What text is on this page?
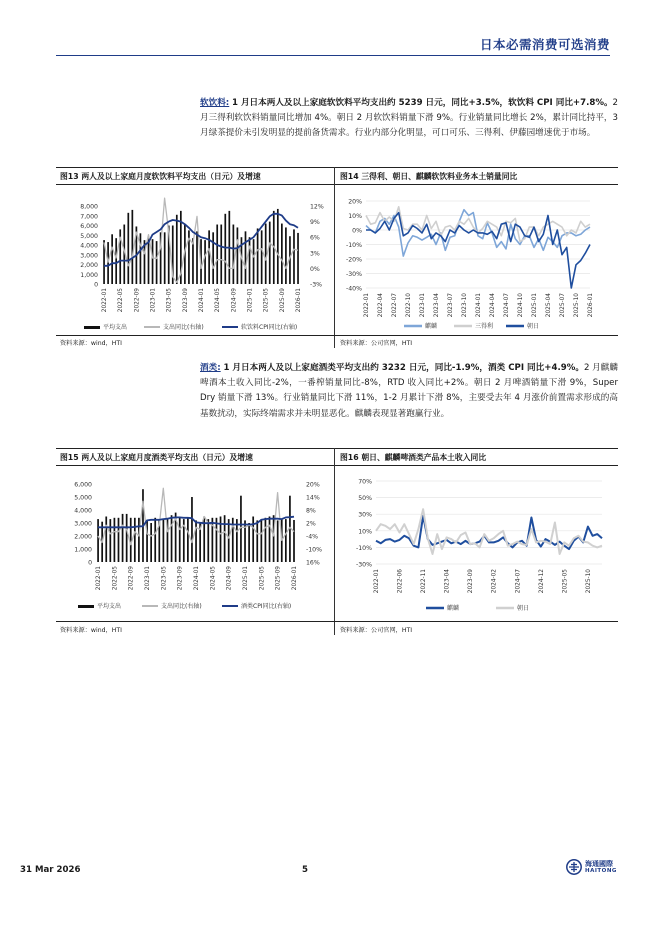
日本必需消费可选消费
软饮料: 1 月日本两人及以上家庭软饮料平均支出约 5239 日元，同比+3.5%，软饮料 CPI 同比+7.8%。2 月三得利软饮料销量同比增加 4%。朝日 2 月软饮料销量下滑 9%。行业销量同比增长 2%，累计同比持平，3 月绿茶提价未引发明显的提前备货需求。行业内部分化明显，可口可乐、三得利、伊藤园增速优于市场。
图13 两人及以上家庭月度软饮料平均支出（日元）及增速	图14 三得利、朝日、麒麟软饮料业务本土销量同比
0
1,000
2,000
3,000
4,000
5,000
6,000
7,000
8,000
-3%
0%
3%
6%
9%
12%
2022-01 2022-05 2022-09 2023-01 2023-05 2023-09 2024-01 2024-05 2024-09 2025-01 2025-05 2025-09 2026-01
平均支出	支出同比(右轴)	软饮料CPI同比(右轴)
-40%
-30%
-20%
-10%
0%
10%
20%
2022-01 2022-04 2022-07 2022-10 2023-01 2023-04 2023-07 2023-10 2024-01 2024-04 2024-07 2024-10 2025-01 2025-04 2025-07 2025-10 2026-01
麒麟	三得利	朝日
资料来源：wind，HTI	资料来源：公司官网，HTI
酒类: 1 月日本两人及以上家庭酒类平均支出约 3232 日元，同比-1.9%，酒类 CPI 同比+4.9%。2 月麒麟啤酒本土收入同比-2%，一番榨销量同比-8%，RTD 收入同比+2%。朝日 2 月啤酒销量下滑 9%，Super Dry 销量下滑 13%。行业销量同比下滑 11%，1-2 月累计下滑 8%，主要受去年 4 月涨价前置需求形成的高基数扰动，实际终端需求并未明显恶化。麒麟表现显著跑赢行业。
图15 两人及以上家庭月度酒类平均支出（日元）及增速	图16 朝日、麒麟啤酒类产品本土收入同比
0
1,000
2,000
3,000
4,000
5,000
6,000
16%
-10%
-4%
2%
8%
14%
20%
2022-01 2022-05 2022-09 2023-01 2023-05 2023-09 2024-01 2024-05 2024-09 2025-01 2025-05 2025-09 2026-01
平均支出	支出同比(右轴)	酒类CPI同比(右轴)
-30%
-10%
10%
30%
50%
70%
2022-01	2022-06	2022-11	2023-04	2023-09	2024-02	2024-07	2024-12	2025-05	2025-10
麒麟	朝日
资料来源：wind，HTI	资料来源：公司官网，HTI
31 Mar 2026	5
海通國際
HAITONG
